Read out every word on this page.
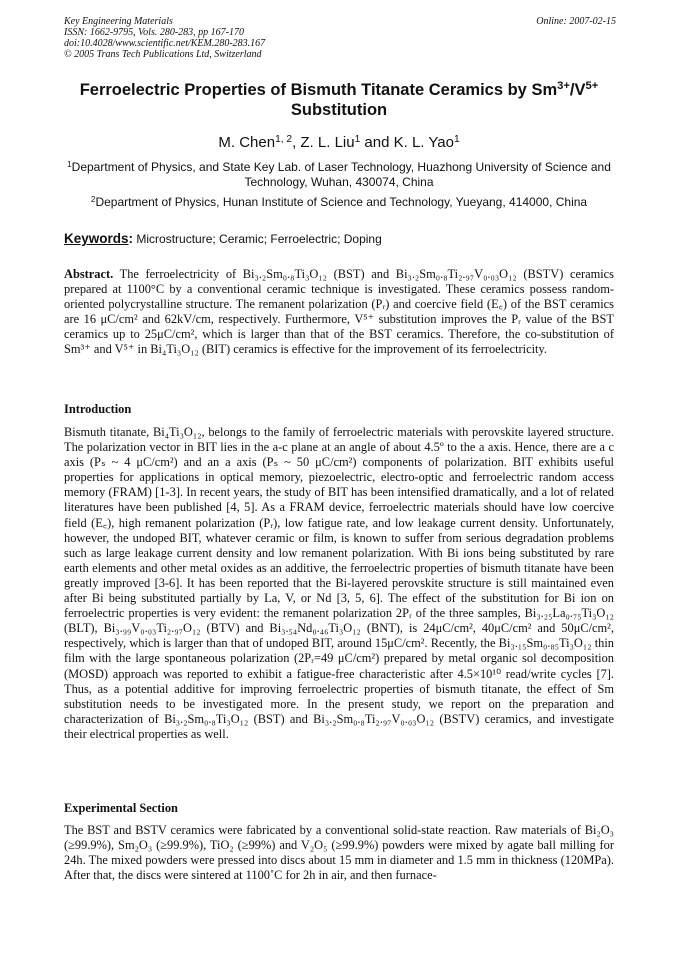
Key Engineering Materials
ISSN: 1662-9795, Vols. 280-283, pp 167-170
doi:10.4028/www.scientific.net/KEM.280-283.167
© 2005 Trans Tech Publications Ltd, Switzerland
Online: 2007-02-15
Ferroelectric Properties of Bismuth Titanate Ceramics by $Sm^{3+}/V^{5+}$
Substitution
M. Chen$^{1, 2}$, Z. L. Liu$^1$ and K. L. Yao$^1$
$^1$Department of Physics, and State Key Lab. of Laser Technology, Huazhong University of Science and Technology, Wuhan, 430074, China
$^2$Department of Physics, Hunan Institute of Science and Technology, Yueyang, 414000, China
Keywords: Microstructure; Ceramic; Ferroelectric; Doping
Abstract. The ferroelectricity of Bi₃.₂Sm₀.₈Ti₃O₁₂ (BST) and Bi₃.₂Sm₀.₈Ti₂.₉₇V₀.₀₃O₁₂ (BSTV) ceramics prepared at 1100°C by a conventional ceramic technique is investigated. These ceramics possess random-oriented polycrystalline structure. The remanent polarization (Pᵣ) and coercive field (E꜀) of the BST ceramics are 16 μC/cm² and 62kV/cm, respectively. Furthermore, V⁵⁺ substitution improves the Pᵣ value of the BST ceramics up to 25μC/cm², which is larger than that of the BST ceramics. Therefore, the co-substitution of Sm³⁺ and V⁵⁺ in Bi₄Ti₃O₁₂ (BIT) ceramics is effective for the improvement of its ferroelectricity.
Introduction
Bismuth titanate, Bi₄Ti₃O₁₂, belongs to the family of ferroelectric materials with perovskite layered structure. The polarization vector in BIT lies in the a-c plane at an angle of about 4.5º to the a axis. Hence, there are a c axis (Pₛ ~ 4 μC/cm²) and an a axis (Pₛ ~ 50 μC/cm²) components of polarization. BIT exhibits useful properties for applications in optical memory, piezoelectric, electro-optic and ferroelectric random access memory (FRAM) [1-3]. In recent years, the study of BIT has been intensified dramatically, and a lot of related literatures have been published [4, 5]. As a FRAM device, ferroelectric materials should have low coercive field (E꜀), high remanent polarization (Pᵣ), low fatigue rate, and low leakage current density. Unfortunately, however, the undoped BIT, whatever ceramic or film, is known to suffer from serious degradation problems such as large leakage current density and low remanent polarization. With Bi ions being substituted by rare earth elements and other metal oxides as an additive, the ferroelectric properties of bismuth titanate have been greatly improved [3-6]. It has been reported that the Bi-layered perovskite structure is still maintained even after Bi being substituted partially by La, V, or Nd [3, 5, 6]. The effect of the substitution for Bi ion on ferroelectric properties is very evident: the remanent polarization 2Pᵣ of the three samples, Bi₃.₂₅La₀.₇₅Ti₃O₁₂ (BLT), Bi₃.₉₉V₀.₀₃Ti₂.₉₇O₁₂ (BTV) and Bi₃.₅₄Nd₀.₄₆Ti₃O₁₂ (BNT), is 24μC/cm², 40μC/cm² and 50μC/cm², respectively, which is larger than that of undoped BIT, around 15μC/cm². Recently, the Bi₃.₁₅Sm₀.₈₅Ti₃O₁₂ thin film with the large spontaneous polarization (2Pᵣ=49 μC/cm²) prepared by metal organic sol decomposition (MOSD) approach was reported to exhibit a fatigue-free characteristic after 4.5×10¹⁰ read/write cycles [7]. Thus, as a potential additive for improving ferroelectric properties of bismuth titanate, the effect of Sm substitution needs to be investigated more. In the present study, we report on the preparation and characterization of Bi₃.₂Sm₀.₈Ti₃O₁₂ (BST) and Bi₃.₂Sm₀.₈Ti₂.₉₇V₀.₀₃O₁₂ (BSTV) ceramics, and investigate their electrical properties as well.
Experimental Section
The BST and BSTV ceramics were fabricated by a conventional solid-state reaction. Raw materials of Bi₂O₃ (≥99.9%), Sm₂O₃ (≥99.9%), TiO₂ (≥99%) and V₂O₅ (≥99.9%) powders were mixed by agate ball milling for 24h. The mixed powders were pressed into discs about 15 mm in diameter and 1.5 mm in thickness (120MPa). After that, the discs were sintered at 1100˚C for 2h in air, and then furnace-
